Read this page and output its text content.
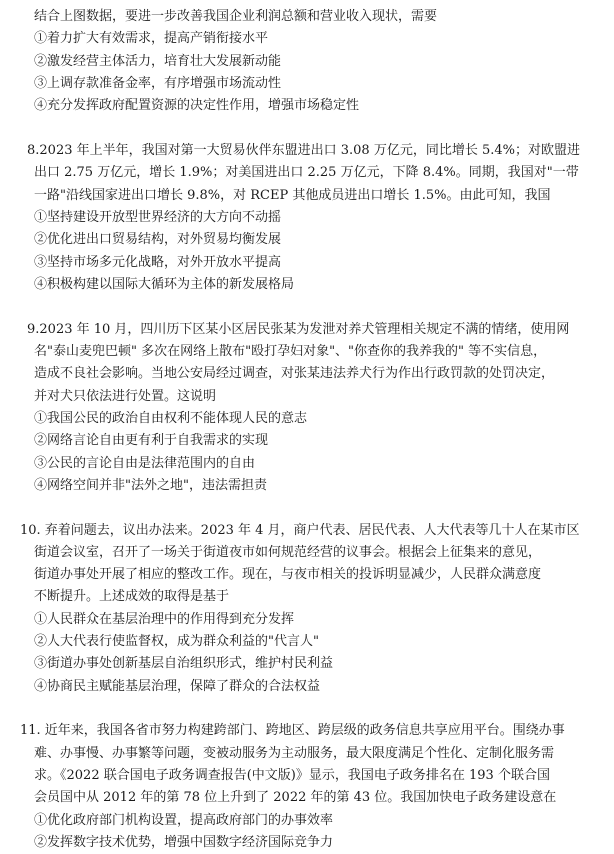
结合上图数据，要进一步改善我国企业利润总额和营业收入现状，需要
①着力扩大有效需求，提高产销衔接水平
②激发经营主体活力，培育壮大发展新动能
③上调存款准备金率，有序增强市场流动性
④充分发挥政府配置资源的决定性作用，增强市场稳定性
8.2023 年上半年，我国对第一大贸易伙伴东盟进出口 3.08 万亿元，同比增长 5.4%；对欧盟进
出口 2.75 万亿元，增长 1.9%；对美国进出口 2.25 万亿元，下降 8.4%。同期，我国对"一带
一路"沿线国家进出口增长 9.8%，对 RCEP 其他成员进出口增长 1.5%。由此可知，我国
①坚持建设开放型世界经济的大方向不动摇
②优化进出口贸易结构，对外贸易均衡发展
③坚持市场多元化战略，对外开放水平提高
④积极构建以国际大循环为主体的新发展格局
9.2023 年 10 月，四川历下区某小区居民张某为发泄对养犬管理相关规定不满的情绪，使用网
名"泰山麦兜巴顿" 多次在网络上散布"殴打孕妇对象"、"你查你的我养我的" 等不实信息，
造成不良社会影响。当地公安局经过调查，对张某违法养犬行为作出行政罚款的处罚决定，
并对犬只依法进行处置。这说明
①我国公民的政治自由权利不能体现人民的意志
②网络言论自由更有利于自我需求的实现
③公民的言论自由是法律范围内的自由
④网络空间并非"法外之地"，违法需担责
10. 弃着问题去，议出办法来。2023 年 4 月，商户代表、居民代表、人大代表等几十人在某市区
街道会议室，召开了一场关于街道夜市如何规范经营的议事会。根据会上征集来的意见，
街道办事处开展了相应的整改工作。现在，与夜市相关的投诉明显减少，人民群众满意度
不断提升。上述成效的取得是基于
①人民群众在基层治理中的作用得到充分发挥
②人大代表行使监督权，成为群众利益的"代言人"
③街道办事处创新基层自治组织形式，维护村民利益
④协商民主赋能基层治理，保障了群众的合法权益
11. 近年来，我国各省市努力构建跨部门、跨地区、跨层级的政务信息共享应用平台。围绕办事
难、办事慢、办事繁等问题，变被动服务为主动服务，最大限度满足个性化、定制化服务需
求。《2022 联合国电子政务调查报告(中文版)》显示，我国电子政务排名在 193 个联合国
会员国中从 2012 年的第 78 位上升到了 2022 年的第 43 位。我国加快电子政务建设意在
①优化政府部门机构设置，提高政府部门的办事效率
②发挥数字技术优势，增强中国数字经济国际竞争力
